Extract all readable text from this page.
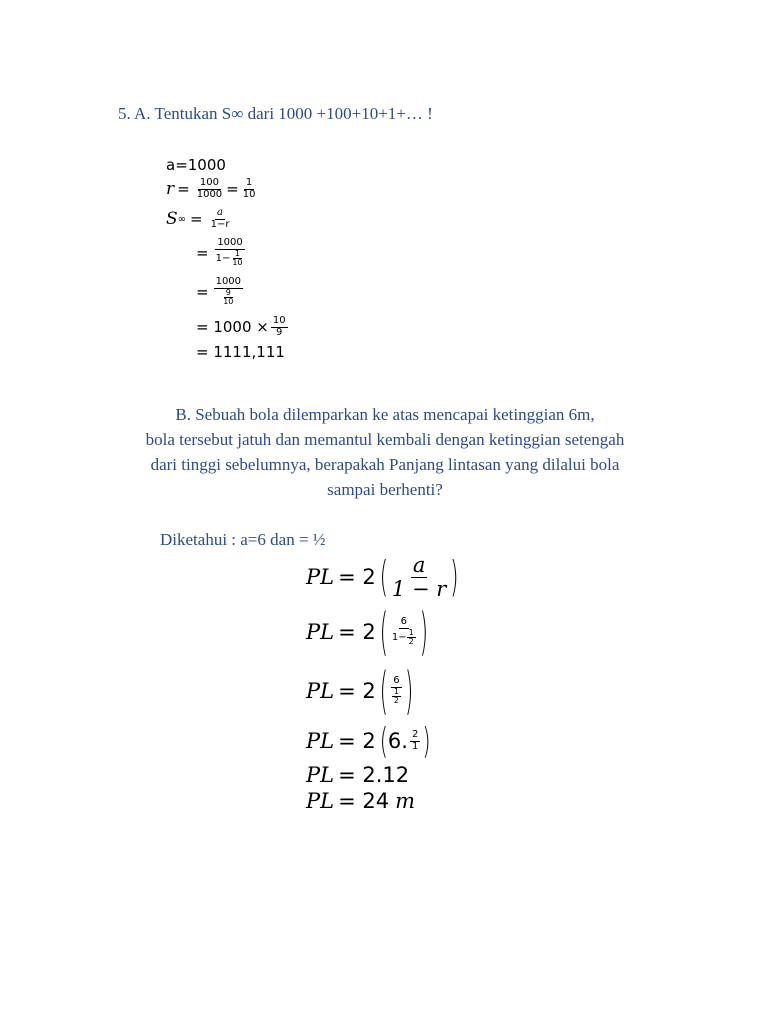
5. A. Tentukan S∞ dari 1000 +100+10+1+… !
a=1000
$r = \frac{100}{1000} = \frac{1}{10}$
S ∞ = $\frac{a}{1-r}$
= $\frac{1000}{1- \frac{1}{10}}$
= $\frac{1000}{\frac{9}{10}}$
= $1000 \times \frac{10}{9}$
= 1111,111
B. Sebuah bola dilemparkan ke atas mencapai ketinggian 6m,
bola tersebut jatuh dan memantul kembali dengan ketinggian setengah
dari tinggi sebelumnya, berapakah Panjang lintasan yang dilalui bola
sampai berhenti?
Diketahui : a=6 dan = ½
PL = 2 ( $\frac{a}{1 - r}$ )
PL = 2 ( $\frac{6}{1- \frac{1}{2}}$ )
PL = 2 ( $\frac{6}{\frac{1}{2}}$ )
PL = 2 ( 6. $\frac{2}{1}$ )
PL = 2.12
PL = 24 m
